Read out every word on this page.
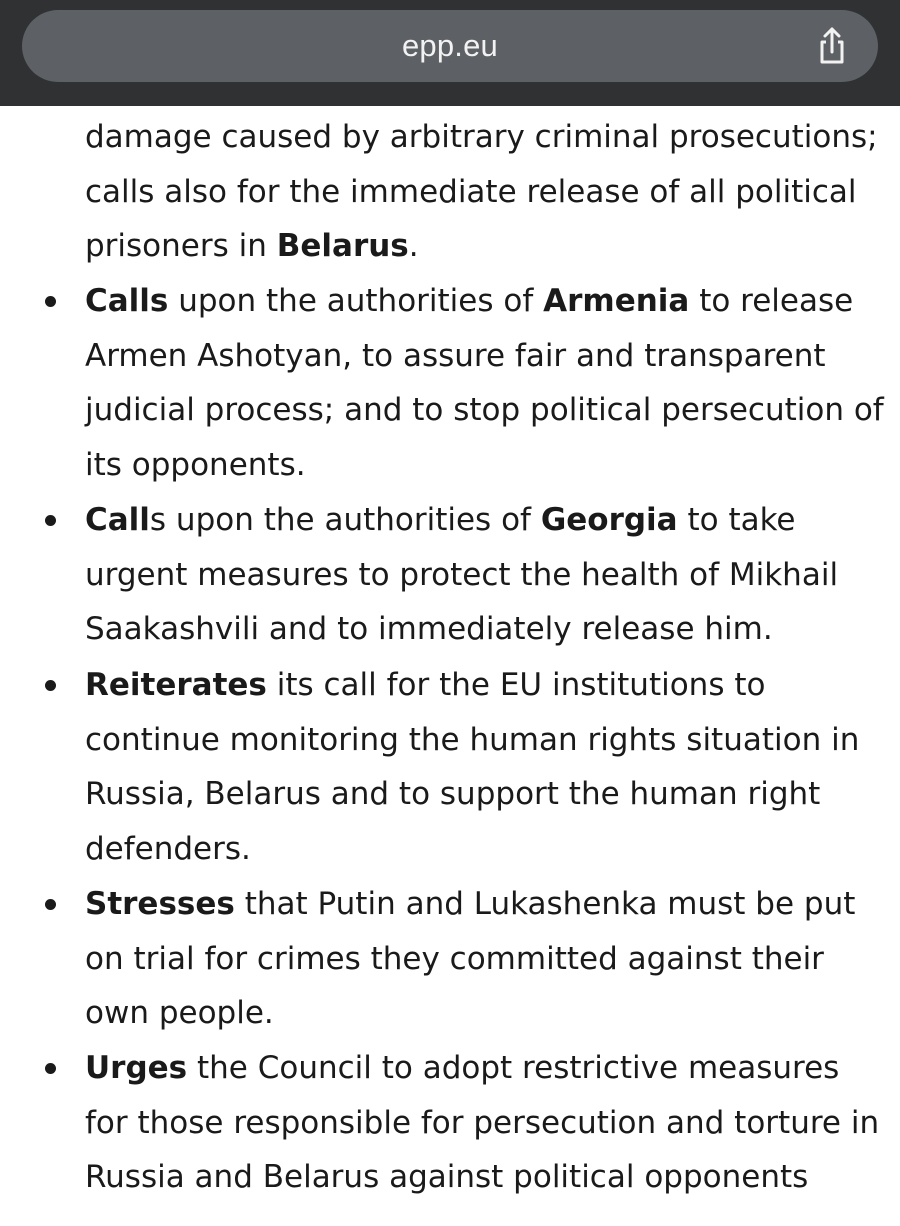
epp.eu

damage caused by arbitrary criminal prosecutions; calls also for the immediate release of all political prisoners in Belarus.

Calls upon the authorities of Armenia to release Armen Ashotyan, to assure fair and transparent judicial process; and to stop political persecution of its opponents.

Calls upon the authorities of Georgia to take urgent measures to protect the health of Mikhail Saakashvili and to immediately release him.

Reiterates its call for the EU institutions to continue monitoring the human rights situation in Russia, Belarus and to support the human right defenders.

Stresses that Putin and Lukashenka must be put on trial for crimes they committed against their own people.

Urges the Council to adopt restrictive measures for those responsible for persecution and torture in Russia and Belarus against political opponents
